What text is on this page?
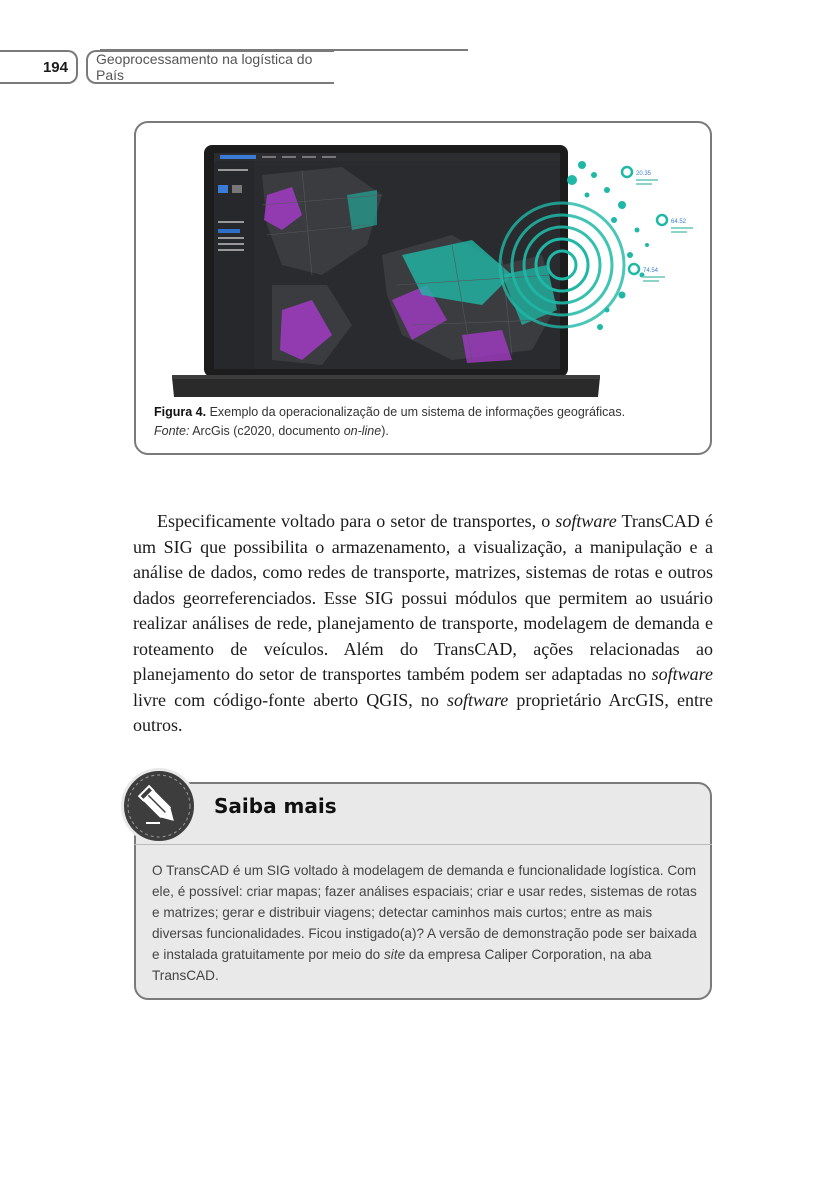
194	Geoprocessamento na logística do País
20.35
64.52
74.54
Figura 4. Exemplo da operacionalização de um sistema de informações geográficas.
Fonte: ArcGis (c2020, documento on-line).

Especificamente voltado para o setor de transportes, o software TransCAD é um SIG que possibilita o armazenamento, a visualização, a manipulação e a análise de dados, como redes de transporte, matrizes, sistemas de rotas e outros dados georreferenciados. Esse SIG possui módulos que permitem ao usuário realizar análises de rede, planejamento de transporte, modelagem de demanda e roteamento de veículos. Além do TransCAD, ações relacionadas ao planejamento do setor de transportes também podem ser adaptadas no software livre com código-fonte aberto QGIS, no software proprietário ArcGIS, entre outros.

Saiba mais
O TransCAD é um SIG voltado à modelagem de demanda e funcionalidade logística. Com ele, é possível: criar mapas; fazer análises espaciais; criar e usar redes, sistemas de rotas e matrizes; gerar e distribuir viagens; detectar caminhos mais curtos; entre as mais diversas funcionalidades. Ficou instigado(a)? A versão de demonstração pode ser baixada e instalada gratuitamente por meio do site da empresa Caliper Corporation, na aba TransCAD.
